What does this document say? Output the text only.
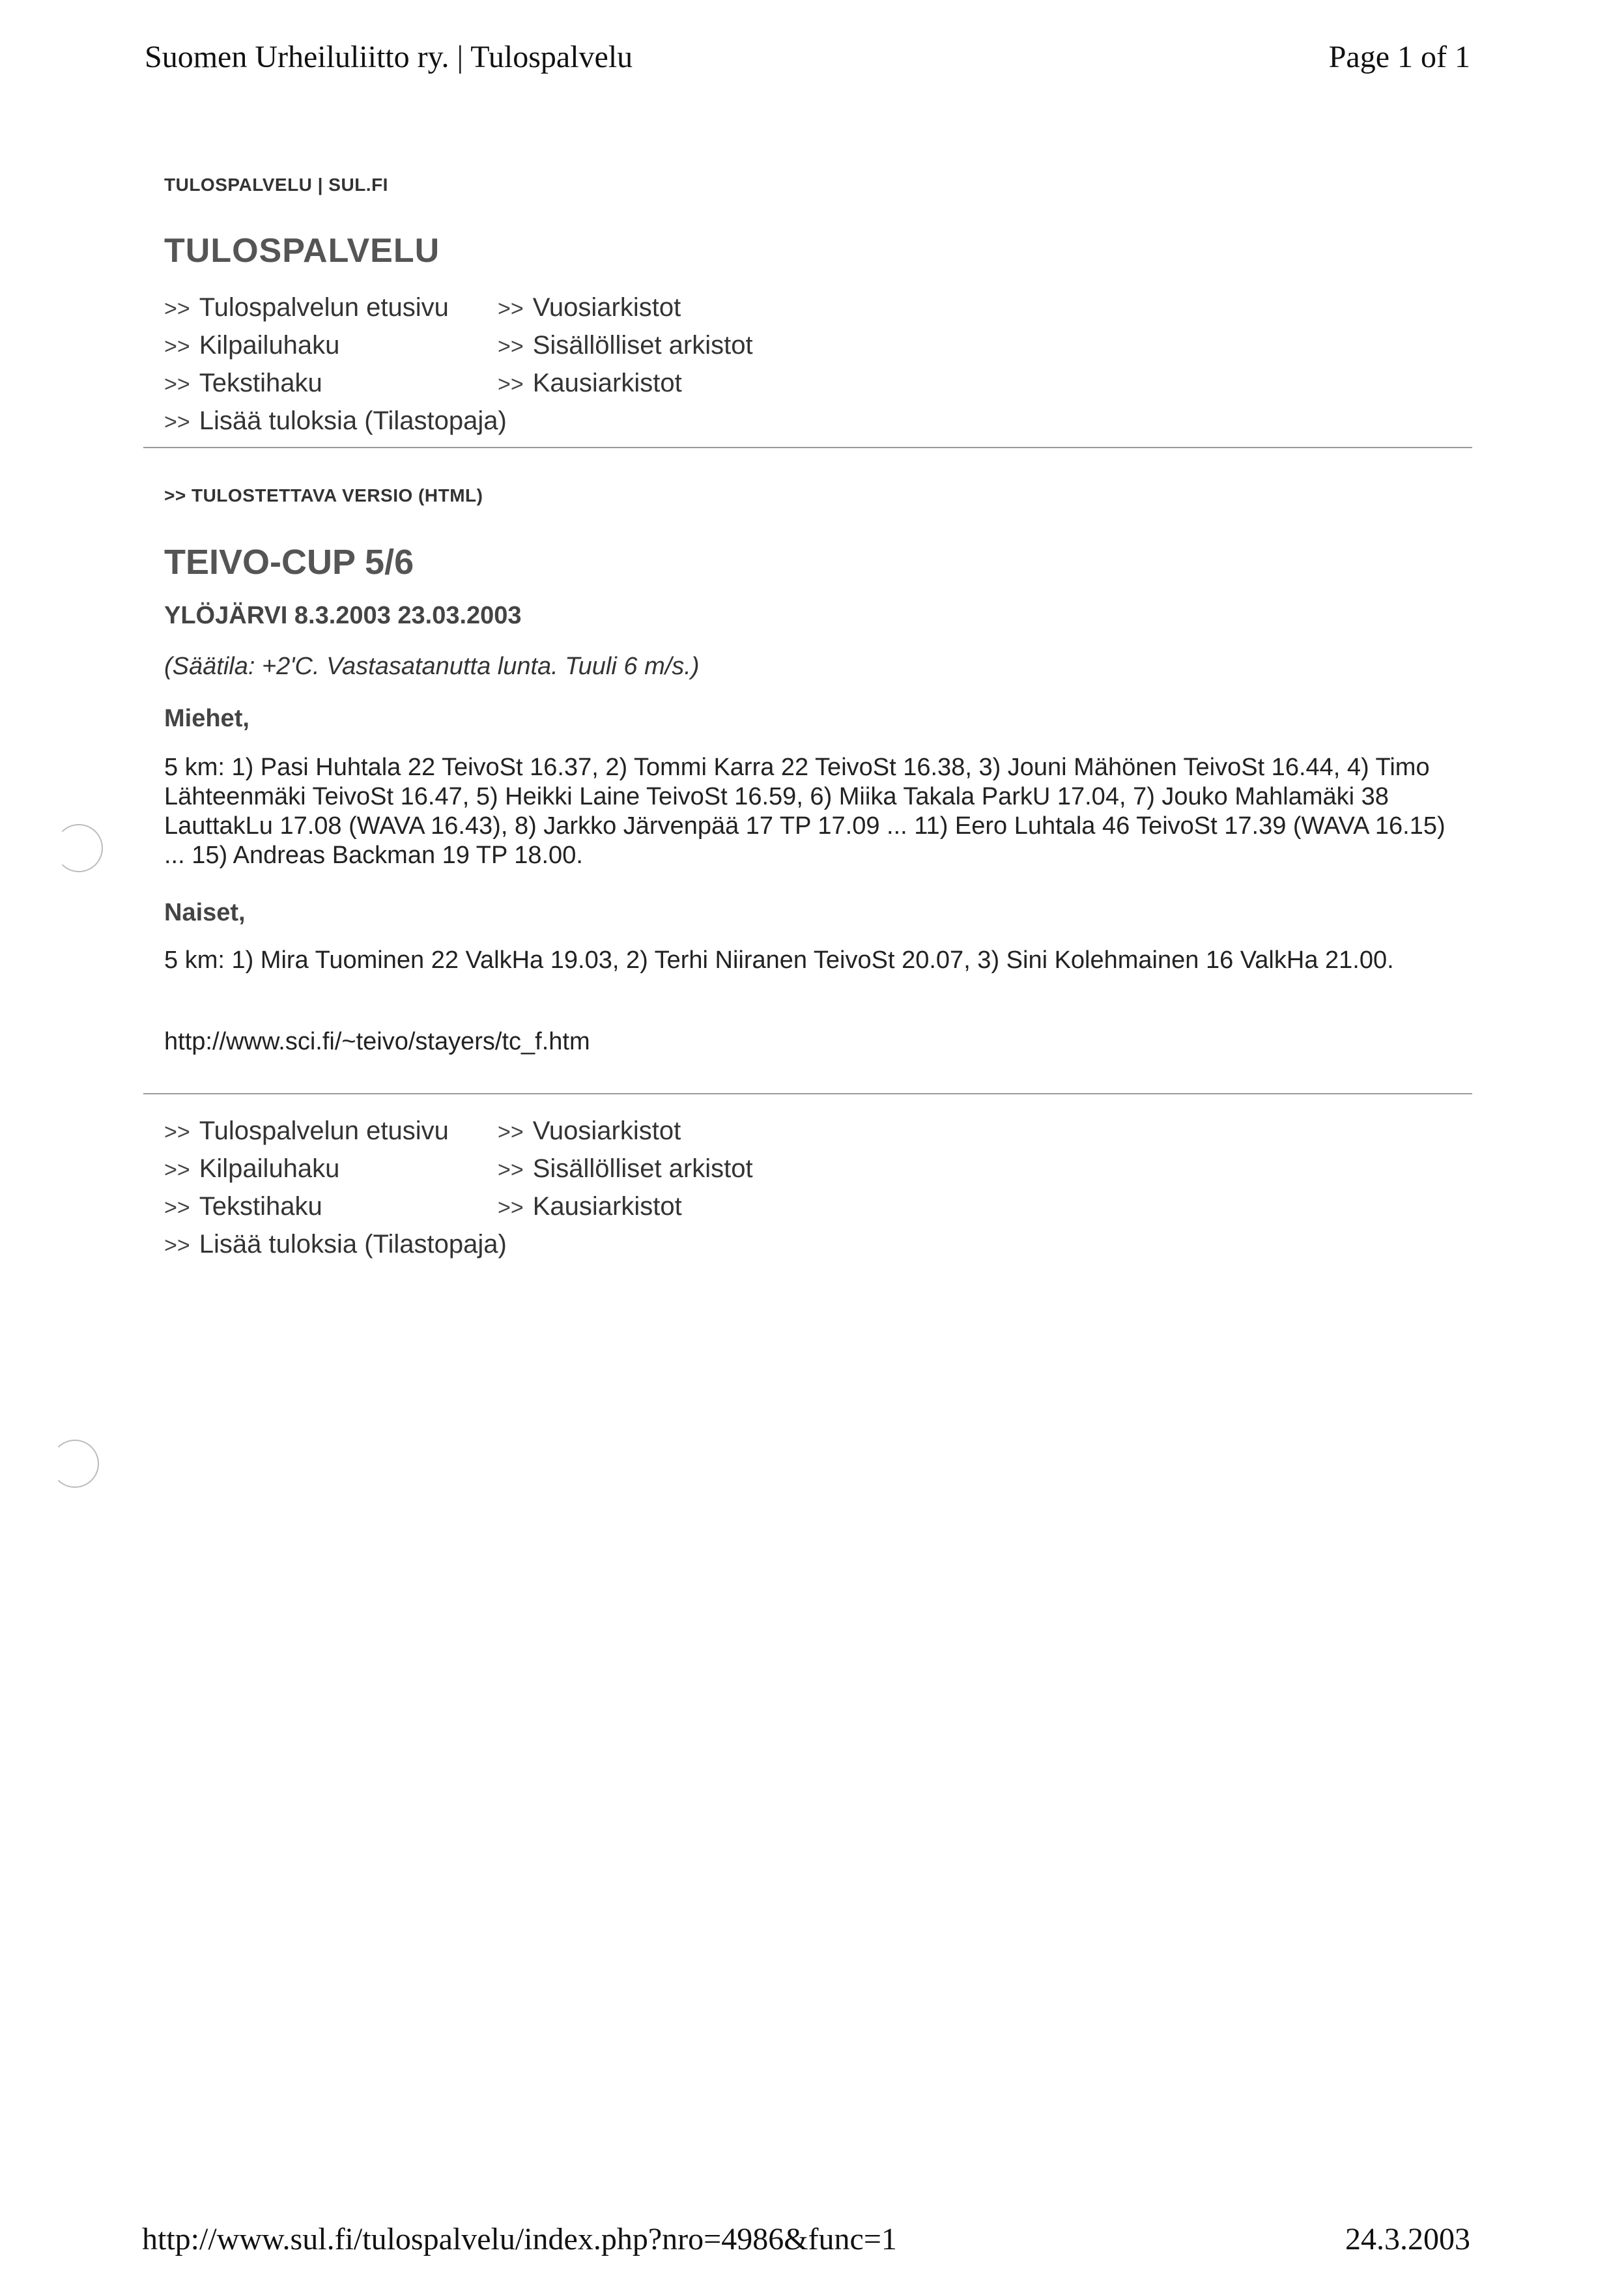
Suomen Urheiluliitto ry. | Tulospalvelu	Page 1 of 1
TULOSPALVELU | SUL.FI
TULOSPALVELU
>> Tulospalvelun etusivu	>> Vuosiarkistot
>> Kilpailuhaku	>> Sisällölliset arkistot
>> Tekstihaku	>> Kausiarkistot
>> Lisää tuloksia (Tilastopaja)
>> TULOSTETTAVA VERSIO (HTML)
TEIVO-CUP 5/6
YLÖJÄRVI 8.3.2003 23.03.2003
(Säätila: +2'C. Vastasatanutta lunta. Tuuli 6 m/s.)
Miehet,
5 km: 1) Pasi Huhtala 22 TeivoSt 16.37, 2) Tommi Karra 22 TeivoSt 16.38, 3) Jouni Mähönen TeivoSt 16.44, 4) Timo Lähteenmäki TeivoSt 16.47, 5) Heikki Laine TeivoSt 16.59, 6) Miika Takala ParkU 17.04, 7) Jouko Mahlamäki 38 LauttakLu 17.08 (WAVA 16.43), 8) Jarkko Järvenpää 17 TP 17.09 ... 11) Eero Luhtala 46 TeivoSt 17.39 (WAVA 16.15) ... 15) Andreas Backman 19 TP 18.00.
Naiset,
5 km: 1) Mira Tuominen 22 ValkHa 19.03, 2) Terhi Niiranen TeivoSt 20.07, 3) Sini Kolehmainen 16 ValkHa 21.00.
http://www.sci.fi/~teivo/stayers/tc_f.htm
>> Tulospalvelun etusivu	>> Vuosiarkistot
>> Kilpailuhaku	>> Sisällölliset arkistot
>> Tekstihaku	>> Kausiarkistot
>> Lisää tuloksia (Tilastopaja)
http://www.sul.fi/tulospalvelu/index.php?nro=4986&func=1	24.3.2003
